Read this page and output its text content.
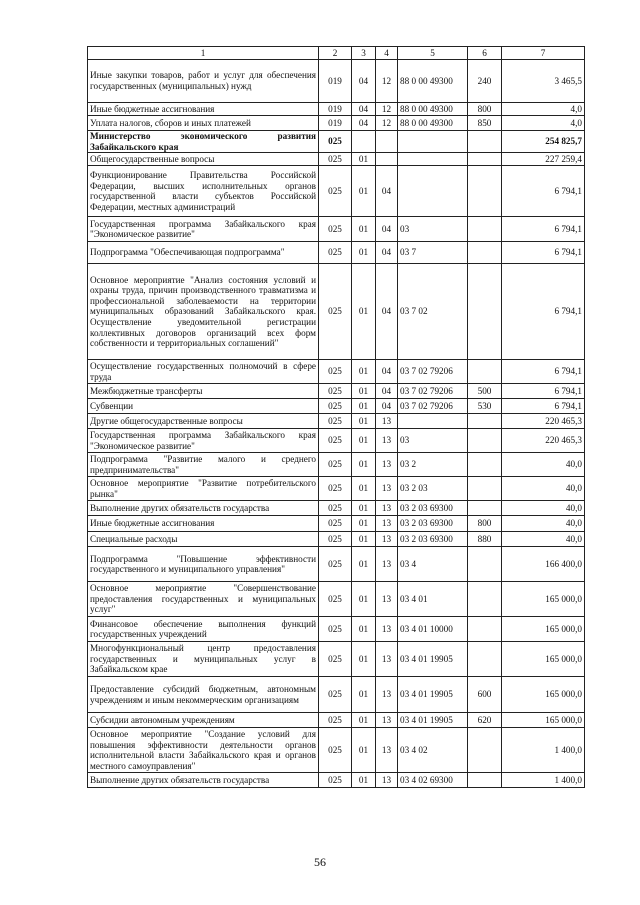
1	2	3	4	5	6	7
Иные закупки товаров, работ и услуг для обеспечения государственных (муниципальных) нужд	019	04	12	88 0 00 49300	240	3 465,5
Иные бюджетные ассигнования	019	04	12	88 0 00 49300	800	4,0
Уплата налогов, сборов и иных платежей	019	04	12	88 0 00 49300	850	4,0
Министерство экономического развития Забайкальского края	025					254 825,7
Общегосударственные вопросы	025	01				227 259,4
Функционирование Правительства Российской Федерации, высших исполнительных органов государственной власти субъектов Российской Федерации, местных администраций	025	01	04			6 794,1
Государственная программа Забайкальского края "Экономическое развитие"	025	01	04	03		6 794,1
Подпрограмма "Обеспечивающая подпрограмма"	025	01	04	03 7		6 794,1
Основное мероприятие "Анализ состояния условий и охраны труда, причин производственного травматизма и профессиональной заболеваемости на территории муниципальных образований Забайкальского края. Осуществление уведомительной регистрации коллективных договоров организаций всех форм собственности и территориальных соглашений"	025	01	04	03 7 02		6 794,1
Осуществление государственных полномочий в сфере труда	025	01	04	03 7 02 79206		6 794,1
Межбюджетные трансферты	025	01	04	03 7 02 79206	500	6 794,1
Субвенции	025	01	04	03 7 02 79206	530	6 794,1
Другие общегосударственные вопросы	025	01	13			220 465,3
Государственная программа Забайкальского края "Экономическое развитие"	025	01	13	03		220 465,3
Подпрограмма "Развитие малого и среднего предпринимательства"	025	01	13	03 2		40,0
Основное мероприятие "Развитие потребительского рынка"	025	01	13	03 2 03		40,0
Выполнение других обязательств государства	025	01	13	03 2 03 69300		40,0
Иные бюджетные ассигнования	025	01	13	03 2 03 69300	800	40,0
Специальные расходы	025	01	13	03 2 03 69300	880	40,0
Подпрограмма "Повышение эффективности государственного и муниципального управления"	025	01	13	03 4		166 400,0
Основное мероприятие "Совершенствование предоставления государственных и муниципальных услуг"	025	01	13	03 4 01		165 000,0
Финансовое обеспечение выполнения функций государственных учреждений	025	01	13	03 4 01 10000		165 000,0
Многофункциональный центр предоставления государственных и муниципальных услуг в Забайкальском крае	025	01	13	03 4 01 19905		165 000,0
Предоставление субсидий бюджетным, автономным учреждениям и иным некоммерческим организациям	025	01	13	03 4 01 19905	600	165 000,0
Субсидии автономным учреждениям	025	01	13	03 4 01 19905	620	165 000,0
Основное мероприятие "Создание условий для повышения эффективности деятельности органов исполнительной власти Забайкальского края и органов местного самоуправления"	025	01	13	03 4 02		1 400,0
Выполнение других обязательств государства	025	01	13	03 4 02 69300		1 400,0
56
